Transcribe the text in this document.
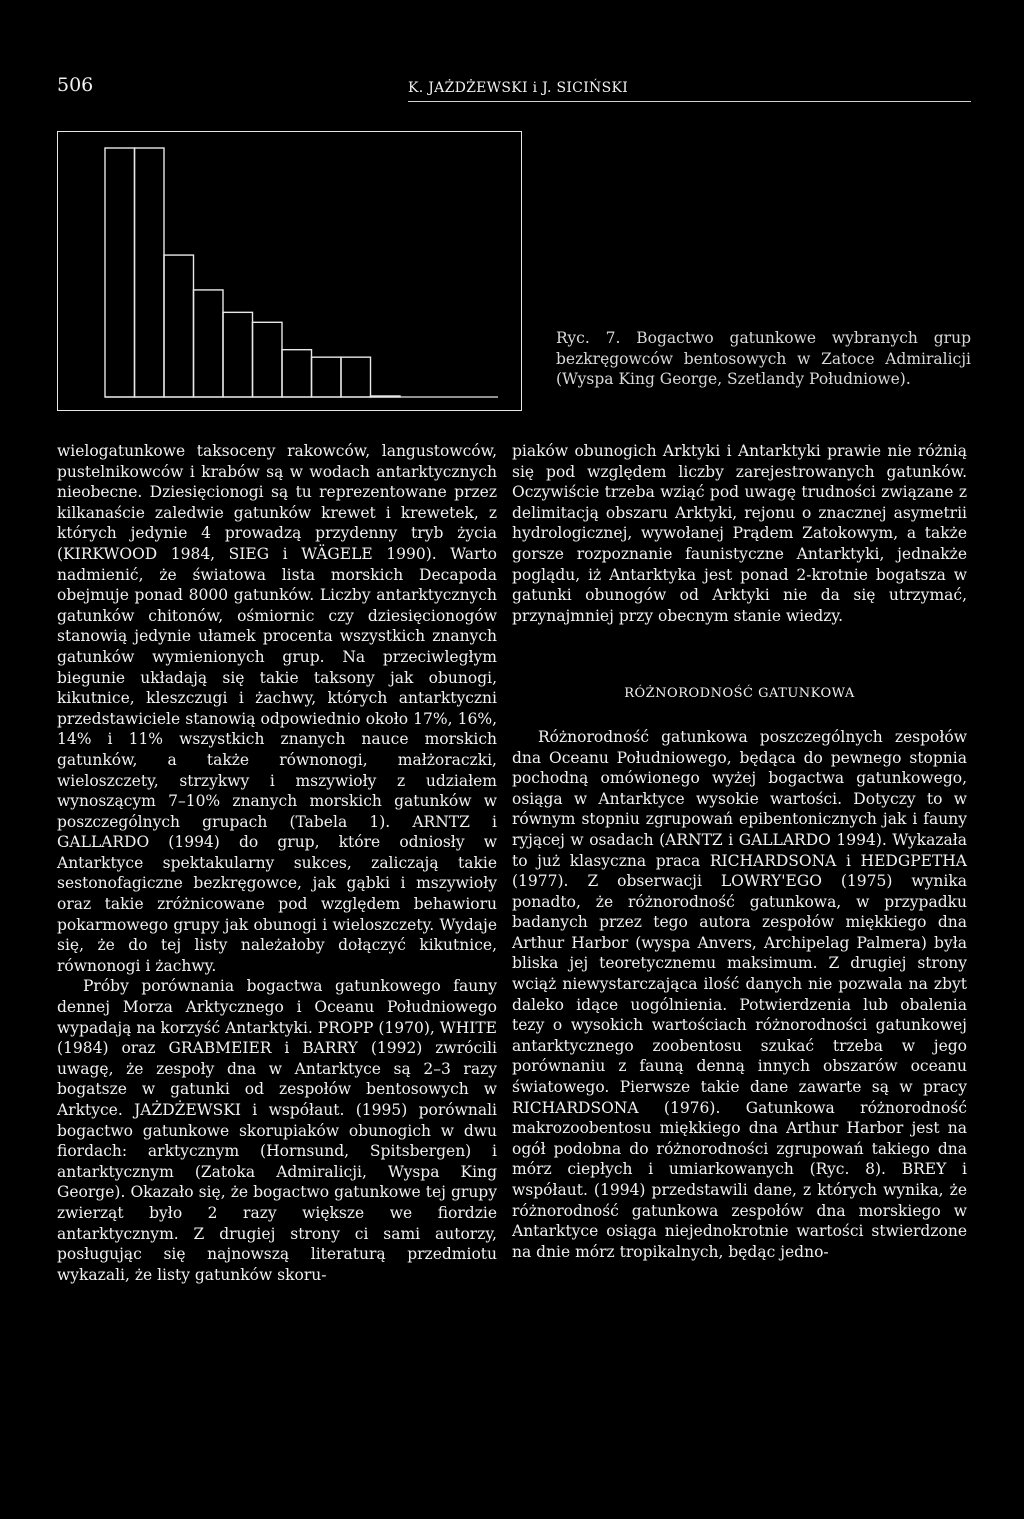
506	K. JAŻDŻEWSKI i J. SICIŃSKI
Ryc. 7. Bogactwo gatunkowe wybranych grup bezkręgowców bentosowych w Zatoce Admiralicji (Wyspa King George, Szetlandy Południowe).

wielogatunkowe taksoceny rakowców, langustowców, pustelnikowców i krabów są w wodach antarktycznych nieobecne. Dziesięcionogi są tu reprezentowane przez kilkanaście zaledwie gatunków krewet i krewetek, z których jedynie 4 prowadzą przydenny tryb życia (KIRKWOOD 1984, SIEG i WÄGELE 1990). Warto nadmienić, że światowa lista morskich Decapoda obejmuje ponad 8000 gatunków. Liczby antarktycznych gatunków chitonów, ośmiornic czy dziesięcionogów stanowią jedynie ułamek procenta wszystkich znanych gatunków wymienionych grup. Na przeciwległym biegunie układają się takie taksony jak obunogi, kikutnice, kleszczugi i żachwy, których antarktyczni przedstawiciele stanowią odpowiednio około 17%, 16%, 14% i 11% wszystkich znanych nauce morskich gatunków, a także równonogi, małżoraczki, wieloszczety, strzykwy i mszywioły z udziałem wynoszącym 7–10% znanych morskich gatunków w poszczególnych grupach (Tabela 1). ARNTZ i GALLARDO (1994) do grup, które odniosły w Antarktyce spektakularny sukces, zaliczają takie sestonofagiczne bezkręgowce, jak gąbki i mszywioły oraz takie zróżnicowane pod względem behawioru pokarmowego grupy jak obunogi i wieloszczety. Wydaje się, że do tej listy należałoby dołączyć kikutnice, równonogi i żachwy.

Próby porównania bogactwa gatunkowego fauny dennej Morza Arktycznego i Oceanu Południowego wypadają na korzyść Antarktyki. PROPP (1970), WHITE (1984) oraz GRABMEIER i BARRY (1992) zwrócili uwagę, że zespoły dna w Antarktyce są 2–3 razy bogatsze w gatunki od zespołów bentosowych w Arktyce. JAŻDŻEWSKI i współaut. (1995) porównali bogactwo gatunkowe skorupiaków obunogich w dwu fiordach: arktycznym (Hornsund, Spitsbergen) i antarktycznym (Zatoka Admiralicji, Wyspa King George). Okazało się, że bogactwo gatunkowe tej grupy zwierząt było 2 razy większe we fiordzie antarktycznym. Z drugiej strony ci sami autorzy, posługując się najnowszą literaturą przedmiotu wykazali, że listy gatunków skoru-

piaków obunogich Arktyki i Antarktyki prawie nie różnią się pod względem liczby zarejestrowanych gatunków. Oczywiście trzeba wziąć pod uwagę trudności związane z delimitacją obszaru Arktyki, rejonu o znacznej asymetrii hydrologicznej, wywołanej Prądem Zatokowym, a także gorsze rozpoznanie faunistyczne Antarktyki, jednakże poglądu, iż Antarktyka jest ponad 2-krotnie bogatsza w gatunki obunogów od Arktyki nie da się utrzymać, przynajmniej przy obecnym stanie wiedzy.

RÓŻNORODNOŚĆ GATUNKOWA

Różnorodność gatunkowa poszczególnych zespołów dna Oceanu Południowego, będąca do pewnego stopnia pochodną omówionego wyżej bogactwa gatunkowego, osiąga w Antarktyce wysokie wartości. Dotyczy to w równym stopniu zgrupowań epibentonicznych jak i fauny ryjącej w osadach (ARNTZ i GALLARDO 1994). Wykazała to już klasyczna praca RICHARDSONA i HEDGPETHA (1977). Z obserwacji LOWRY'EGO (1975) wynika ponadto, że różnorodność gatunkowa, w przypadku badanych przez tego autora zespołów miękkiego dna Arthur Harbor (wyspa Anvers, Archipelag Palmera) była bliska jej teoretycznemu maksimum. Z drugiej strony wciąż niewystarczająca ilość danych nie pozwala na zbyt daleko idące uogólnienia. Potwierdzenia lub obalenia tezy o wysokich wartościach różnorodności gatunkowej antarktycznego zoobentosu szukać trzeba w jego porównaniu z fauną denną innych obszarów oceanu światowego. Pierwsze takie dane zawarte są w pracy RICHARDSONA (1976). Gatunkowa różnorodność makrozoobentosu miękkiego dna Arthur Harbor jest na ogół podobna do różnorodności zgrupowań takiego dna mórz ciepłych i umiarkowanych (Ryc. 8). BREY i współaut. (1994) przedstawili dane, z których wynika, że różnorodność gatunkowa zespołów dna morskiego w Antarktyce osiąga niejednokrotnie wartości stwierdzone na dnie mórz tropikalnych, będąc jedno-
